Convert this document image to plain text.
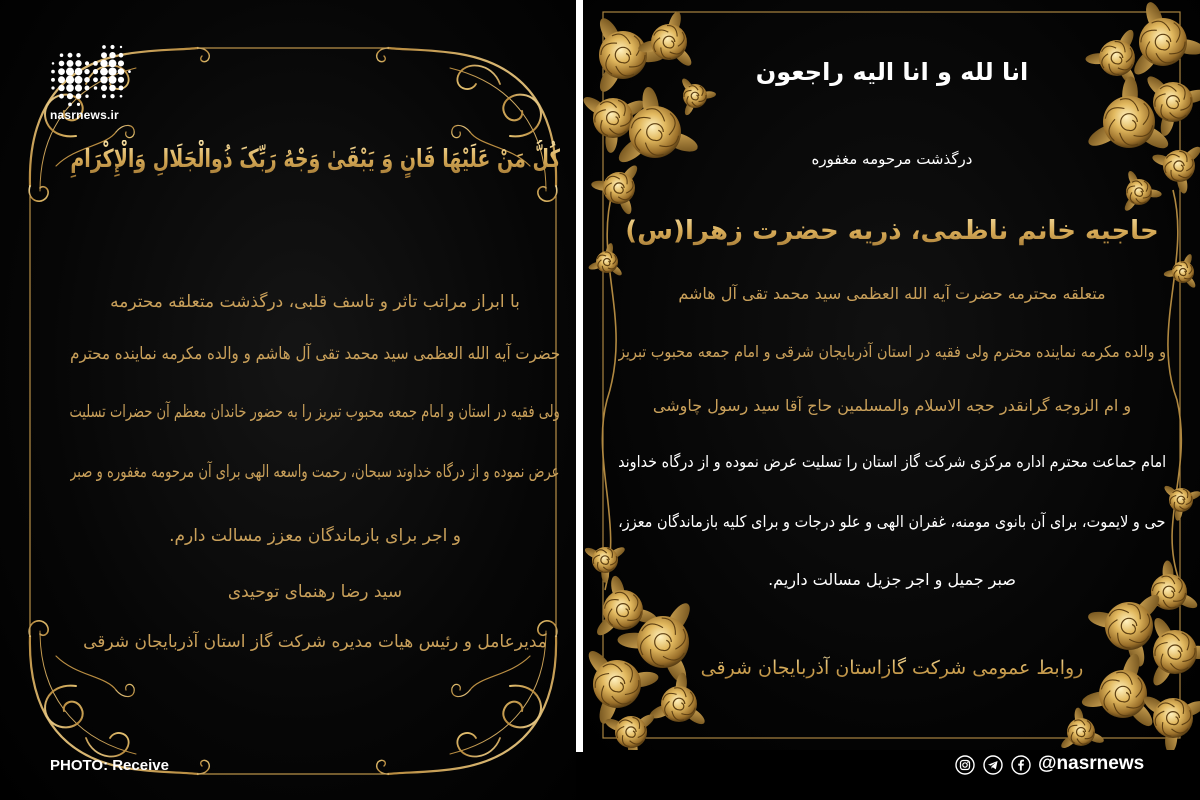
کُلُّ مَنْ عَلَیْهَا فَانٍ وَ یَبْقَیٰ وَجْهُ رَبِّکَ ذُوالْجَلَالِ وَالْإِکْرَامِ
با ابراز مراتب تاثر و تاسف قلبی، درگذشت متعلقه محترمه
حضرت آیه الله العظمی سید محمد تقی آل هاشم و والده مکرمه نماینده محترم
ولی فقیه در استان و امام جمعه محبوب تبریز را به حضور خاندان معظم آن حضرات تسلیت
عرض نموده و از درگاه خداوند سبحان، رحمت واسعه الهی برای آن مرحومه مغفوره و صبر
و اجر برای بازماندگان معزز مسالت دارم.
سید رضا رهنمای توحیدی
مدیرعامل و رئیس هیات مدیره شرکت گاز استان آذربایجان شرقی
nasrnews.ir
انا لله و انا الیه راجعون
درگذشت مرحومه مغفوره
حاجیه خانم ناظمی، ذریه حضرت زهرا(س)
متعلقه محترمه حضرت آیه الله العظمی سید محمد تقی آل هاشم
و والده مکرمه نماینده محترم ولی فقیه در استان آذربایجان شرقی و امام جمعه محبوب تبریز
و ام الزوجه گرانقدر حجه الاسلام والمسلمین حاج آقا سید رسول چاوشی
امام جماعت محترم اداره مرکزی شرکت گاز استان را تسلیت عرض نموده و از درگاه خداوند
حی و لایموت، برای آن بانوی مومنه، غفران الهی و علو درجات و برای کلیه بازماندگان معزز،
صبر جمیل و اجر جزیل مسالت داریم.
روابط عمومی شرکت گازاستان آذربایجان شرقی
PHOTO: Receive	@nasrnews
